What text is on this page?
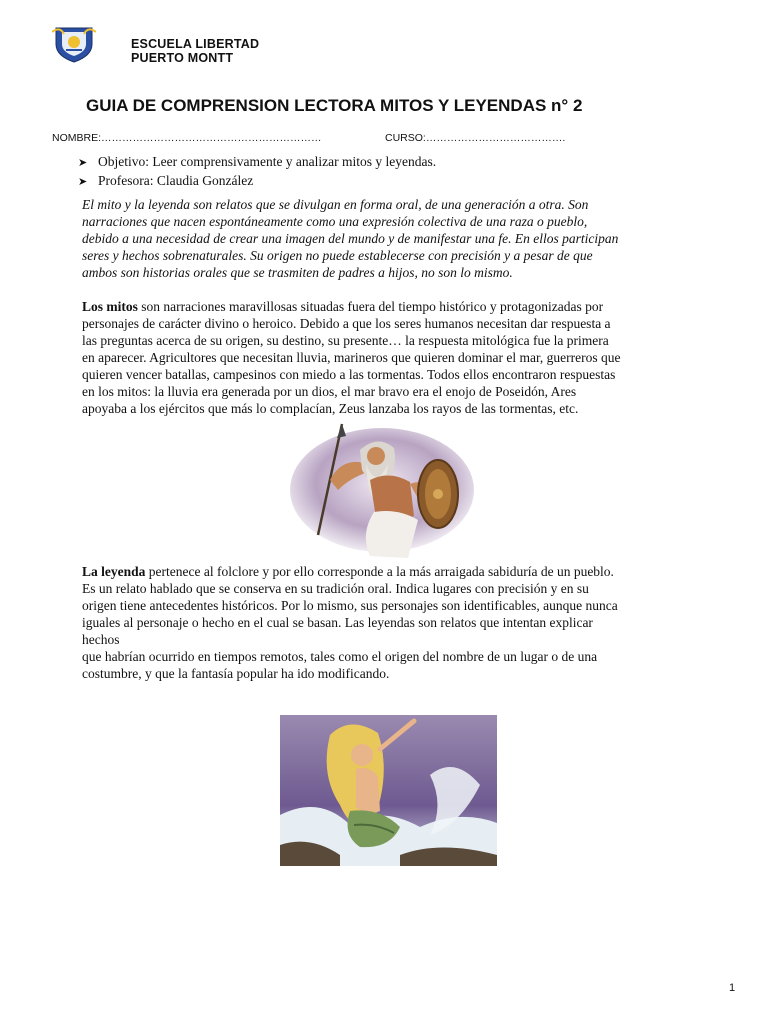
ESCUELA LIBERTAD
PUERTO MONTT
GUIA DE COMPRENSION LECTORA MITOS Y LEYENDAS n° 2
NOMBRE:………………………………………………………	CURSO:………………………………….
➤ Objetivo: Leer comprensivamente y analizar mitos y leyendas.
➤ Profesora: Claudia González
El mito y la leyenda son relatos que se divulgan en forma oral, de una generación a otra. Son
narraciones que nacen espontáneamente como una expresión colectiva de una raza o pueblo,
debido a una necesidad de crear una imagen del mundo y de manifestar una fe. En ellos participan
seres y hechos sobrenaturales. Su origen no puede establecerse con precisión y a pesar de que
ambos son historias orales que se trasmiten de padres a hijos, no son lo mismo.
Los mitos son narraciones maravillosas situadas fuera del tiempo histórico y protagonizadas por
personajes de carácter divino o heroico. Debido a que los seres humanos necesitan dar respuesta a
las preguntas acerca de su origen, su destino, su presente… la respuesta mitológica fue la primera
en aparecer. Agricultores que necesitan lluvia, marineros que quieren dominar el mar, guerreros que
quieren vencer batallas, campesinos con miedo a las tormentas. Todos ellos encontraron respuestas
en los mitos: la lluvia era generada por un dios, el mar bravo era el enojo de Poseidón, Ares
apoyaba a los ejércitos que más lo complacían, Zeus lanzaba los rayos de las tormentas, etc.
La leyenda pertenece al folclore y por ello corresponde a la más arraigada sabiduría de un pueblo.
Es un relato hablado que se conserva en su tradición oral. Indica lugares con precisión y en su
origen tiene antecedentes históricos. Por lo mismo, sus personajes son identificables, aunque nunca
iguales al personaje o hecho en el cual se basan. Las leyendas son relatos que intentan explicar
hechos
que habrían ocurrido en tiempos remotos, tales como el origen del nombre de un lugar o de una
costumbre, y que la fantasía popular ha ido modificando.
1
